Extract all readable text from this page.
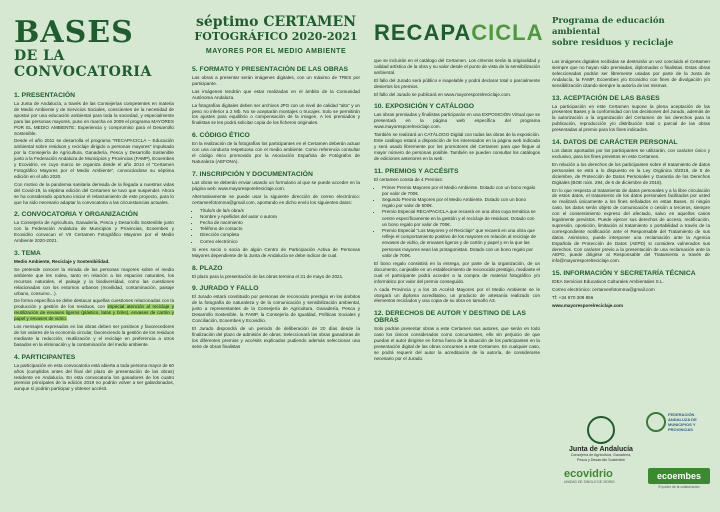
BASES
DE LA CONVOCATORIA
1. PRESENTACIÓN

La Junta de Andalucía, a través de las Consejerías competentes en materia de Medio Ambiente y de Servicios Sociales, conscientes de la necesidad de apostar por una educación ambiental para toda la sociedad, y especialmente para las personas mayores, puso en marcha en 2009 el programa MAYORES POR EL MEDIO AMBIENTE: Experiencia y compromiso para el Desarrollo Sostenible.

Desde el año 2011 se desarrolla el programa "RECAPACICLA – Educación ambiental sobre residuos y reciclaje dirigido a personas mayores" impulsado por la Consejería de Agricultura, Ganadería, Pesca y Desarrollo Sostenible junto a la Federación Andaluza de Municipios y Provincias (FAMP), Ecoembes y Ecovidrio, en cuyo marco se organiza desde el año 2014 el "Certamen Fotográfico Mayores por el Medio Ambiente", convocándose su séptima edición en el año 2020.

Con motivo de la pandemia sanitaria derivada de la llegada a nuestras vidas del Covid-19, la séptima edición del Certamen se tuvo que suspender. Ahora se ha considerado oportuno iniciar el relanzamiento de este proyecto, para lo que ha sido necesario adaptar la convocatoria a las circunstancias actuales.

2. CONVOCATORIA Y ORGANIZACIÓN

La Consejería de Agricultura, Ganadería, Pesca y Desarrollo Sostenible junto con la Federación Andaluza de Municipios y Provincias, Ecoembes y Ecovidrio convocan el VII Certamen Fotográfico Mayores por el Medio Ambiente 2020-2021.

3. TEMA

Medio Ambiente, Reciclaje y Sostenibilidad.

Se pretende conocer la mirada de las personas mayores sobre el medio ambiente que les rodea, tanto en relación a los espacios naturales, los recursos naturales, el paisaje y la biodiversidad, como las cuestiones relacionadas con los entornos urbanos (movilidad, contaminación, paisaje urbano, consumo…).

De forma específica se debe destacar aquellas cuestiones relacionadas con la producción y gestión de los residuos, con especial atención al reciclaje y reutilización de envases ligeros (plástico, latas y briks), envases de cartón y papel y envases de vidrio.

Los mensajes expresados en las obras deben ser positivos y favorecedores de los valores de la economía circular, favoreciendo la gestión de los residuos mediante la reducción, reutilización y el reciclaje en preferencia a otros basados en la eliminación y la contaminación del medio ambiente.

4. PARTICIPANTES

La participación en esta convocatoria está abierta a toda persona mayor de 60 años (cumplidos antes del final del plazo de presentación de las obras) residente en Andalucía. En esta convocatoria los ganadores de los cuatro premios principales de la edición 2019 no podrán volver a ser galardonados, aunque sí podrán participar y obtener accésit.

séptimo CERTAMEN
FOTOGRÁFICO 2020-2021
MAYORES POR EL MEDIO AMBIENTE
5. FORMATO Y PRESENTACIÓN DE LAS OBRAS

Las obras a presentar serán imágenes digitales, con un máximo de TRES por participante.

Las imágenes tendrán que estar realizadas en el ámbito de la Comunidad Autónoma Andaluza.

La fotografías digitales deben ser archivos JPG con un nivel de calidad "alto" y un peso no inferior a 2 Mb. No se aceptarán montajes o trucajes. Solo se permitirán los ajustes para equilibrio o compensación de la imagen. A les premiados y finalistas se les podrá solicitar copia de los ficheros originales.

6. CÓDIGO ÉTICO

En la realización de la fotografías los participantes en el Certamen deberán actuar con una conducta respetuosa con el medio ambiente. Como referencia consultar el código ético promovido por la Asociación Española de Fotógrafos de Naturaleza (AEFONA).

7. INSCRIPCIÓN Y DOCUMENTACIÓN

Las obras se deberán enviar usando un formulario al que se puede acceder en la página web: www.mayoresporelreciclaje.com.

Alternativamente se puede usar la siguiente dirección de correo electrónico: certamenfotomma@gmail.com, aportando en dicho envío los siguientes datos:

• Título/s de la/s obra/s
• Nombre y Apellidos del autor o autora
• Fecha de nacimiento
• Teléfono de contacto
• Dirección completa
• Correo electrónico

Si eres socio o socia de algún Centro de Participación Activa de Personas Mayores dependiente de la Junta de Andalucía se debe indicar de cual.

8. PLAZO

El plazo para la presentación de las obras termina el 31 de mayo de 2021.

9. JURADO Y FALLO

El Jurado estará constituido por personas de reconocido prestigio en los ámbitos de la fotografía de naturaleza y de la comunicación y sensibilización ambiental, junto a representantes de la Consejería de Agricultura, Ganadería, Pesca y Desarrollo Sostenible, la FAMP, la Consejería de Igualdad, Políticas Sociales y Conciliación, Ecoembes y Ecovidrio.

El Jurado dispondrá de un periodo de deliberación de 20 días desde la finalización del plazo de admisión de obras. Seleccionará las obras ganadoras de los diferentes premios y accésits explicados pudiendo además seleccionar una serie de obras finalistas

RECAPACICLA

que se incluirán en el catálogo del Certamen. Los criterios serán la originalidad y calidad artística de la obra y su valor desde el punto de vista de la sensibilización ambiental.

El fallo del Jurado será público e inapelable y podrá declarar total o parcialmente desiertos los premios.

El fallo del Jurado se publicará en www.mayoresporelreciclaje.com.

10. EXPOSICIÓN Y CATÁLOGO

Las obras premiadas y finalistas participarán en una EXPOSICIÓN Virtual que se presentará en la página web específica del programa www.mayoresporelreciclaje.com.

También se realizará un CATÁLOGO Digital con todas las obras de la exposición. Este catálogo estará a disposición de los interesados en la página web indicada y será usado libremente por los promotores del Certamen para que llegue al mayor número de personas posible. También se pueden consultar los catálogos de ediciones anteriores en la web.

11. PREMIOS Y ACCÉSITS

El certamen consta de 4 Premios:

• Primer Premio Mayores por el Medio Ambiente. Dotado con un bono regalo por valor de 700€.
• Segundo Premio Mayores por el Medio Ambiente. Dotado con un bono regalo por valor de 500€.
• Premio Especial RECAPACICLA que recaerá en una obra cuya temática se centre específicamente en la gestión y el reciclaje de residuos. Dotado con un bono regalo por valor de 700€.
• Premio Especial "Los Mayores y el Reciclaje" que recaerá en una obra que refleje el comportamiento positivo de los mayores en relación al reciclaje de envases de vidrio, de envases ligeros y de cartón y papel y en la que las personas mayores sean las protagonistas. Dotado con un bono regalo por valor de 700€.

El bono regalo consistirá en la entrega, por parte de la organización, de un documento, canjeable en un establecimiento de reconocido prestigio, mediante el cual el participante podrá acceder a la compra de material fotográfico y/o informático por valor del premio conseguido.

A cada Provincia y a los 16 Accésit Mayores por el Medio Ambiente se le otorgará un diploma acreditativo, un producto de artesanía realizado con elementos reciclados y una copia de su obra en tamaño A3.

12. DERECHOS DE AUTOR Y DESTINO DE LAS OBRAS

Solo podrán presentar obras a este Certamen sus autores, que serán en todo caso los únicos considerados como concursantes, ello sin perjuicio de que puedan el autor dirigirse en forma fuera de la situación de los participantes en la presentación digital de las obras concursen a este Certamen. En cualquier caso, se podrá requerir del autor la acreditación de la autoría, de considerarse necesario por el Jurado.

Programa de educación ambiental
sobre residuos y reciclaje

Las imágenes digitales recibidas se destruirán un vez concluido el Certamen siempre que no hayan sido premiadas, diplomadas o finalistas. Estas obras seleccionadas podrán ser libremente usadas por parte de la Junta de Andalucía, la FAMP, Ecoembes y/o Ecovidrio con fines de divulgación y/o sensibilización citando siempre la autoría de las mismas.

13. ACEPTACIÓN DE LAS BASES

La participación en este Certamen supone la plena aceptación de las presentes Bases y la conformidad con las decisiones del Jurado, además de la autorización a la organización del Certamen de los derechos para la publicación, reproducción y/o distribución total o parcial de las obras presentadas al premio para los fines indicados.

14. DATOS DE CARÁCTER PERSONAL

Los datos aportados por los participantes se utilizarán, con carácter único y exclusivo, para los fines previstos en este Certamen.

En relación a los derechos de los participantes sobre el tratamiento de datos personales se está a lo dispuesto en la Ley Orgánica 3/2018, de 5 de diciembre, de Protección de Datos Personales y Garantía de los Derechos Digitales (BOE núm. 294, de 6 de diciembre de 2018).

En lo que respecta al tratamiento de datos personales y a la libre circulación de estos datos, el tratamiento de los datos personales facilitados por usted se realizará únicamente a los fines señalados en estas Bases. Si ningún caso, los datos serán objeto de comunicación o cesión a terceros, siempre con el consentimiento expreso del afectado, salvo en aquellos casos legalmente previstos. Puede ejercer sus derechos de acceso, rectificación, supresión, oposición, limitación al tratamiento o portabilidad a través de la correspondiente notificación ante el Responsable del Tratamiento de sus datos. Asimismo, puede interponer una reclamación ante la Agencia Española de Protección de Datos (AEPD) si considera vulnerados sus derechos. Con carácter previo a la presentación de una reclamación ante la AEPD, puede dirigirse al Responsable del Tratamiento a través de info@mayoresporelreciclaje.com.

15. INFORMACIÓN Y SECRETARÍA TÉCNICA

IDEA Servicios Educativos Culturales Ambientales S.L.

Correo electrónico: certamenfotomma@gmail.com

Tf: +34 670 309 856

www.mayoresporelreciclaje.com

Junta de Andalucía
Consejería de Agricultura, Ganadería, Pesca y Desarrollo Sostenible
FEDERACIÓN ANDALUZA DE MUNICIPIOS Y PROVINCIAS
ecovidrio
UNIDAD DE SINGLO DE VIDRIO
ecoembes
El poder de la colaboración
